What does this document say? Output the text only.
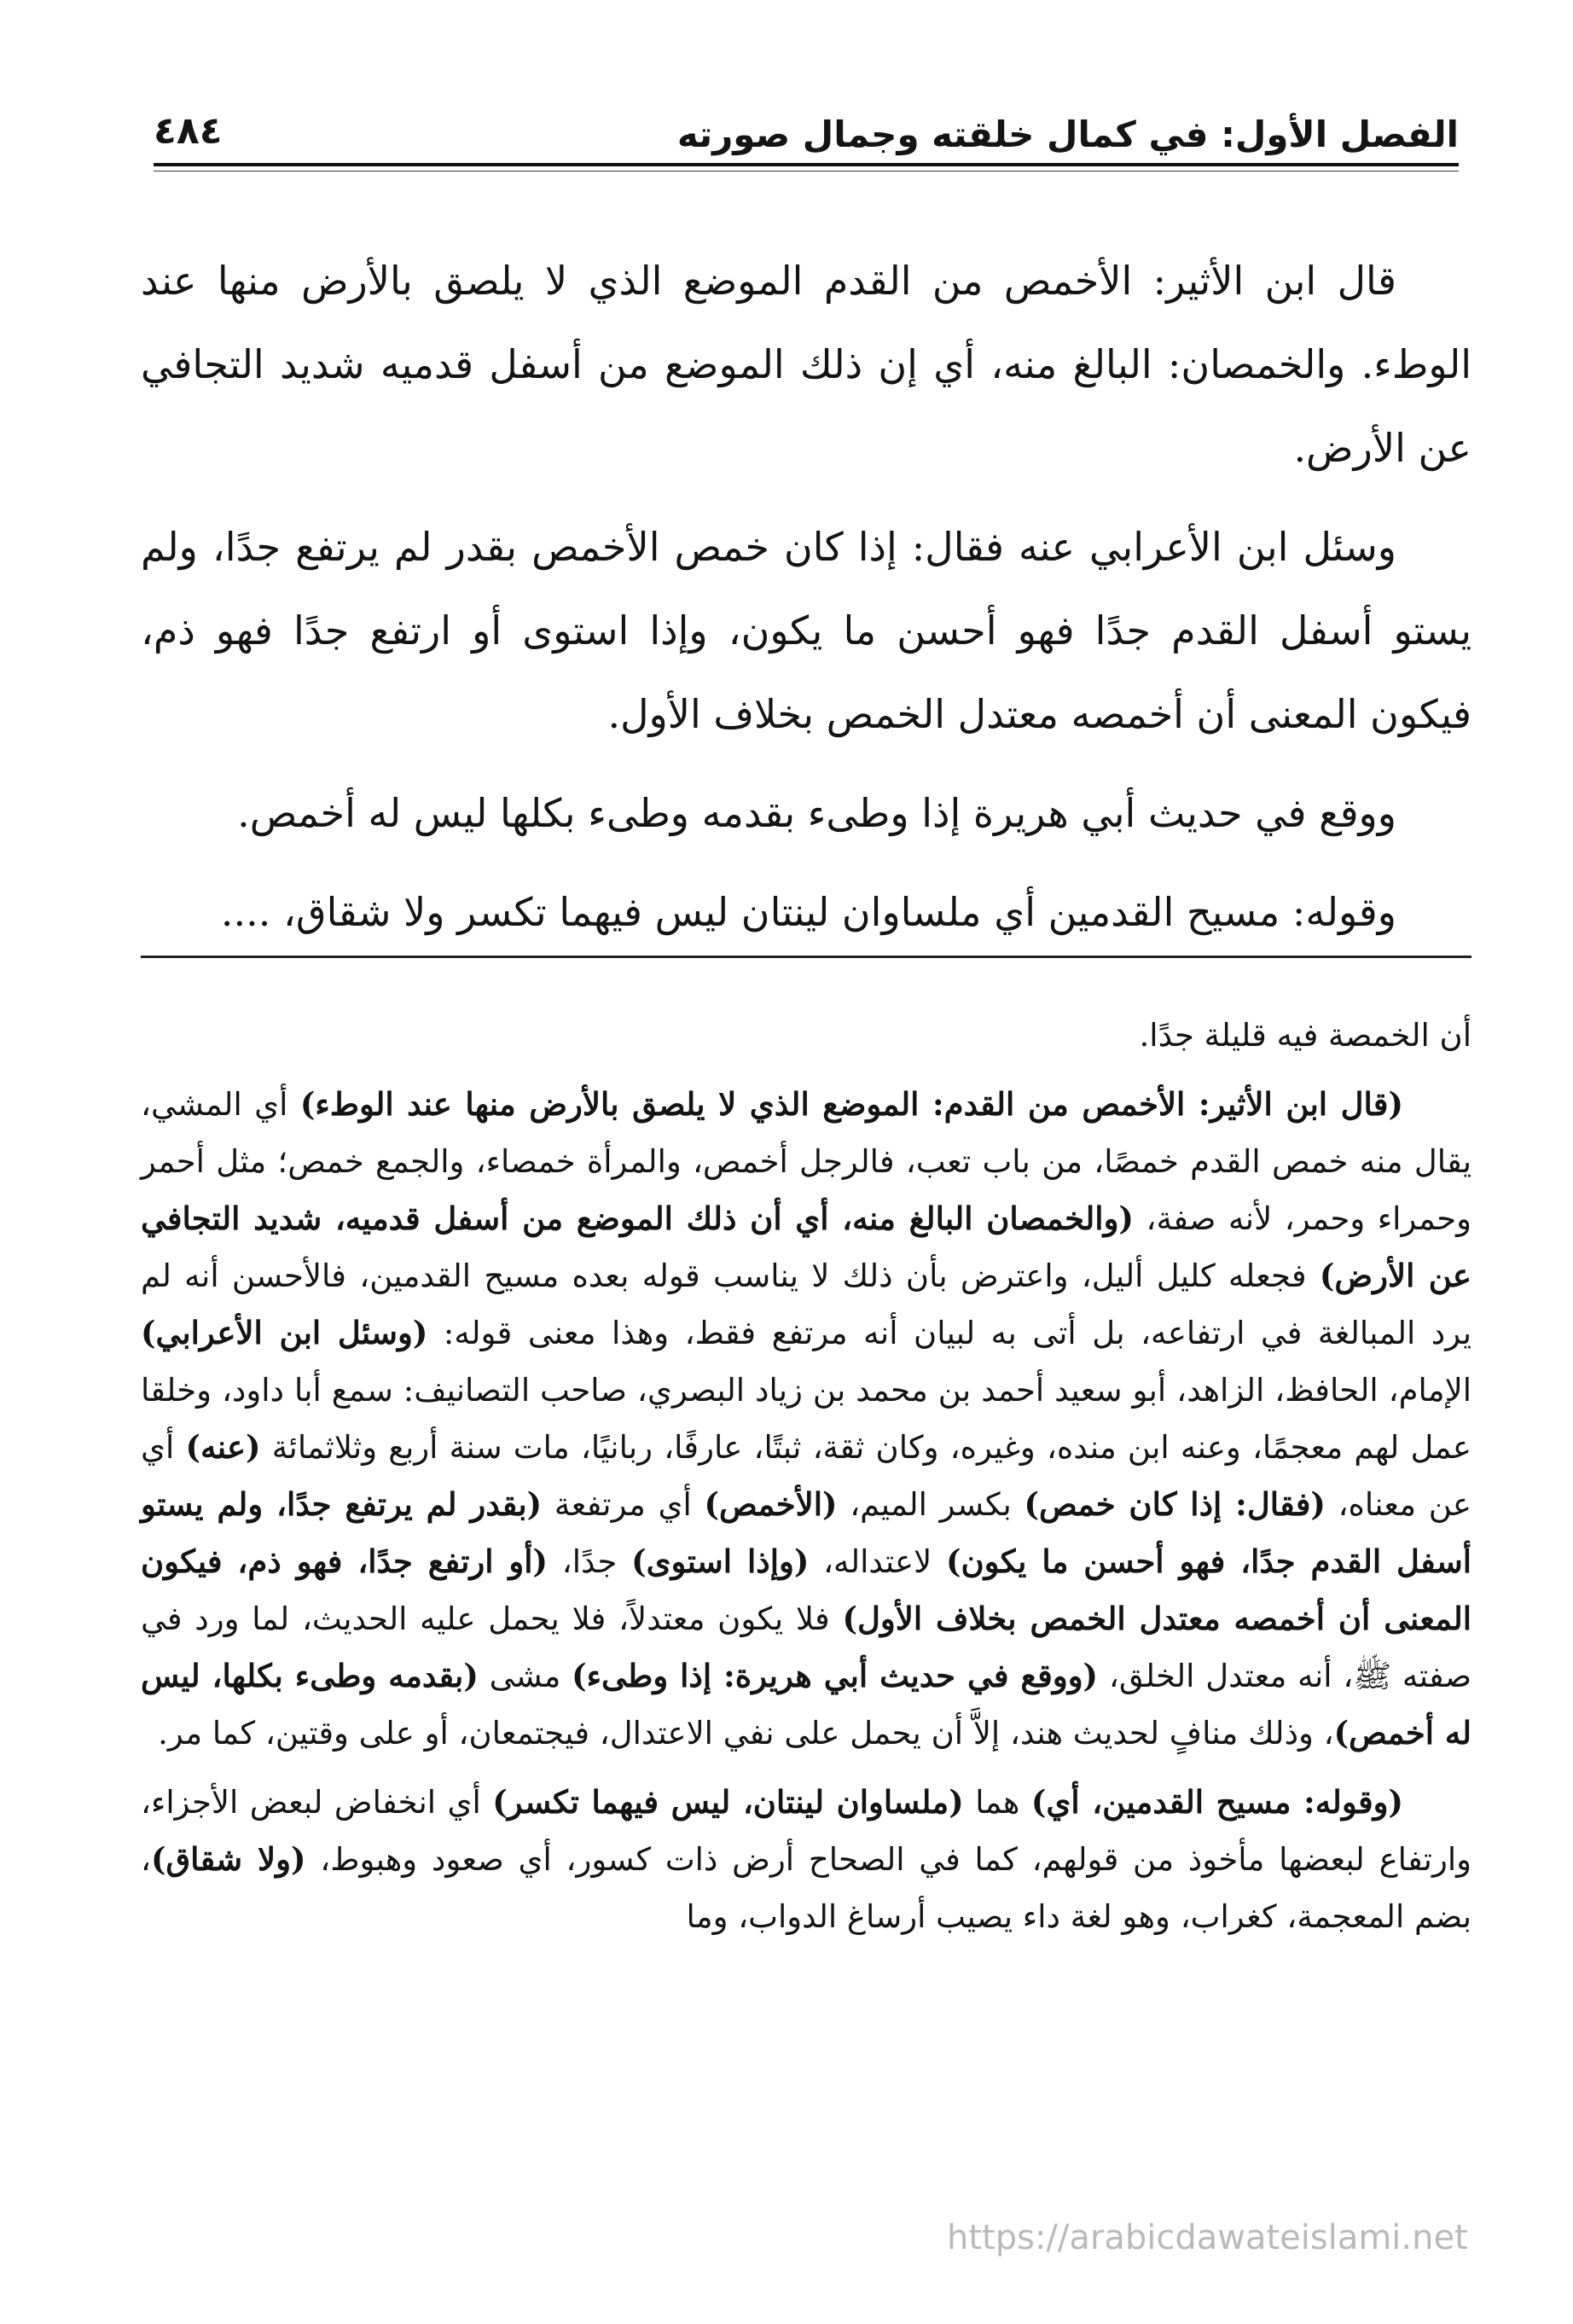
الفصل الأول: في كمال خلقته وجمال صورته
٤٨٤

قال ابن الأثير: الأخمص من القدم الموضع الذي لا يلصق بالأرض منها عند الوطء. والخمصان: البالغ منه، أي إن ذلك الموضع من أسفل قدميه شديد التجافي عن الأرض.

وسئل ابن الأعرابي عنه فقال: إذا كان خمص الأخمص بقدر لم يرتفع جدًا، ولم يستو أسفل القدم جدًا فهو أحسن ما يكون، وإذا استوى أو ارتفع جدًا فهو ذم، فيكون المعنى أن أخمصه معتدل الخمص بخلاف الأول.

ووقع في حديث أبي هريرة إذا وطىء بقدمه وطىء بكلها ليس له أخمص.

وقوله: مسيح القدمين أي ملساوان لينتان ليس فيهما تكسر ولا شقاق، ....

أن الخمصة فيه قليلة جدًا.

(قال ابن الأثير: الأخمص من القدم: الموضع الذي لا يلصق بالأرض منها عند الوطء) أي المشي، يقال منه خمص القدم خمصًا، من باب تعب، فالرجل أخمص، والمرأة خمصاء، والجمع خمص؛ مثل أحمر وحمراء وحمر، لأنه صفة، (والخمصان البالغ منه، أي أن ذلك الموضع من أسفل قدميه، شديد التجافي عن الأرض) فجعله كليل أليل، واعترض بأن ذلك لا يناسب قوله بعده مسيح القدمين، فالأحسن أنه لم يرد المبالغة في ارتفاعه، بل أتى به لبيان أنه مرتفع فقط، وهذا معنى قوله: (وسئل ابن الأعرابي) الإمام، الحافظ، الزاهد، أبو سعيد أحمد بن محمد بن زياد البصري، صاحب التصانيف: سمع أبا داود، وخلقا عمل لهم معجمًا، وعنه ابن منده، وغيره، وكان ثقة، ثبتًا، عارفًا، ربانيًا، مات سنة أربع وثلاثمائة (عنه) أي عن معناه، (فقال: إذا كان خمص) بكسر الميم، (الأخمص) أي مرتفعة (بقدر لم يرتفع جدًا، ولم يستو أسفل القدم جدًا، فهو أحسن ما يكون) لاعتداله، (وإذا استوى) جدًا، (أو ارتفع جدًا، فهو ذم، فيكون المعنى أن أخمصه معتدل الخمص بخلاف الأول) فلا يكون معتدلاً، فلا يحمل عليه الحديث، لما ورد في صفته ﷺ، أنه معتدل الخلق، (ووقع في حديث أبي هريرة: إذا وطىء) مشى (بقدمه وطىء بكلها، ليس له أخمص)، وذلك منافٍ لحديث هند، إلاَّ أن يحمل على نفي الاعتدال، فيجتمعان، أو على وقتين، كما مر.

(وقوله: مسيح القدمين، أي) هما (ملساوان لينتان، ليس فيهما تكسر) أي انخفاض لبعض الأجزاء، وارتفاع لبعضها مأخوذ من قولهم، كما في الصحاح أرض ذات كسور، أي صعود وهبوط، (ولا شقاق)، بضم المعجمة، كغراب، وهو لغة داء يصيب أرساغ الدواب، وما

https://arabicdawateislami.net
